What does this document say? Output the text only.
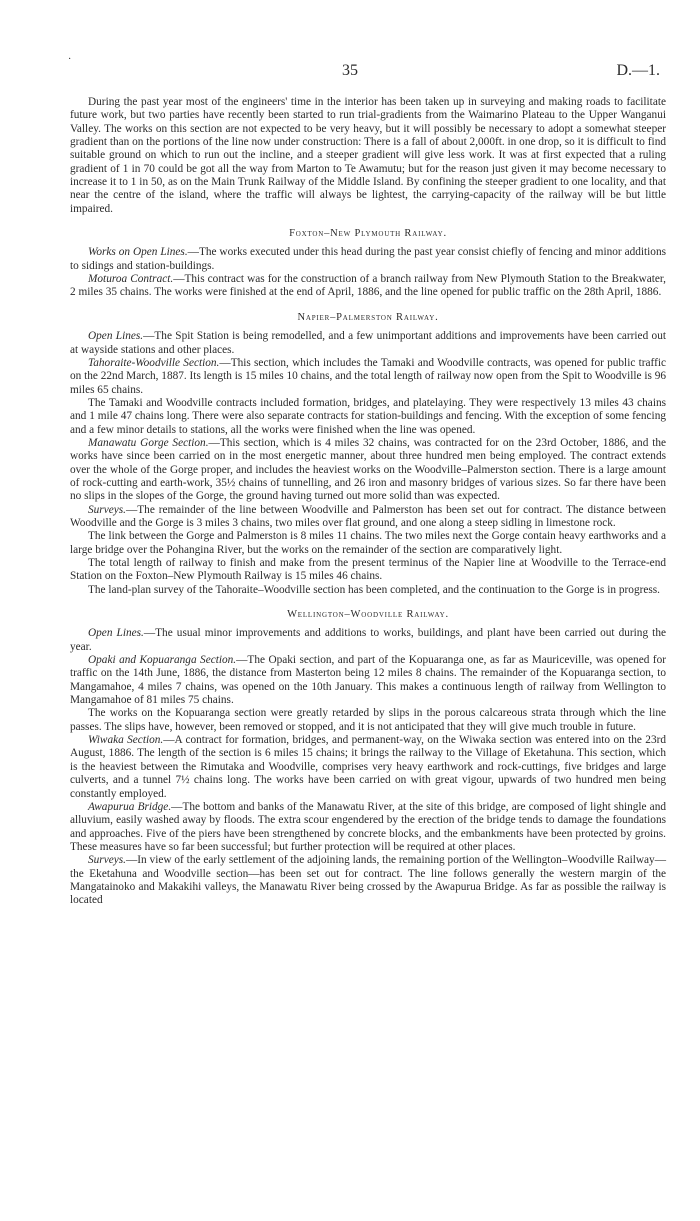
·
35	D.—1.

During the past year most of the engineers' time in the interior has been taken up in surveying and making roads to facilitate future work, but two parties have recently been started to run trial-gradients from the Waimarino Plateau to the Upper Wanganui Valley. The works on this section are not expected to be very heavy, but it will possibly be necessary to adopt a somewhat steeper gradient than on the portions of the line now under construction: There is a fall of about 2,000ft. in one drop, so it is difficult to find suitable ground on which to run out the incline, and a steeper gradient will give less work. It was at first expected that a ruling gradient of 1 in 70 could be got all the way from Marton to Te Awamutu; but for the reason just given it may become necessary to increase it to 1 in 50, as on the Main Trunk Railway of the Middle Island. By confining the steeper gradient to one locality, and that near the centre of the island, where the traffic will always be lightest, the carrying-capacity of the railway will be but little impaired.

Foxton–New Plymouth Railway.

Works on Open Lines.—The works executed under this head during the past year consist chiefly of fencing and minor additions to sidings and station-buildings.

Moturoa Contract.—This contract was for the construction of a branch railway from New Plymouth Station to the Breakwater, 2 miles 35 chains. The works were finished at the end of April, 1886, and the line opened for public traffic on the 28th April, 1886.

Napier–Palmerston Railway.

Open Lines.—The Spit Station is being remodelled, and a few unimportant additions and improvements have been carried out at wayside stations and other places.

Tahoraite-Woodville Section.—This section, which includes the Tamaki and Woodville contracts, was opened for public traffic on the 22nd March, 1887. Its length is 15 miles 10 chains, and the total length of railway now open from the Spit to Woodville is 96 miles 65 chains.

The Tamaki and Woodville contracts included formation, bridges, and platelaying. They were respectively 13 miles 43 chains and 1 mile 47 chains long. There were also separate contracts for station-buildings and fencing. With the exception of some fencing and a few minor details to stations, all the works were finished when the line was opened.

Manawatu Gorge Section.—This section, which is 4 miles 32 chains, was contracted for on the 23rd October, 1886, and the works have since been carried on in the most energetic manner, about three hundred men being employed. The contract extends over the whole of the Gorge proper, and includes the heaviest works on the Woodville–Palmerston section. There is a large amount of rock-cutting and earth-work, 35½ chains of tunnelling, and 26 iron and masonry bridges of various sizes. So far there have been no slips in the slopes of the Gorge, the ground having turned out more solid than was expected.

Surveys.—The remainder of the line between Woodville and Palmerston has been set out for contract. The distance between Woodville and the Gorge is 3 miles 3 chains, two miles over flat ground, and one along a steep sidling in limestone rock.

The link between the Gorge and Palmerston is 8 miles 11 chains. The two miles next the Gorge contain heavy earthworks and a large bridge over the Pohangina River, but the works on the remainder of the section are comparatively light.

The total length of railway to finish and make from the present terminus of the Napier line at Woodville to the Terrace-end Station on the Foxton–New Plymouth Railway is 15 miles 46 chains.

The land-plan survey of the Tahoraite–Woodville section has been completed, and the continuation to the Gorge is in progress.

Wellington–Woodville Railway.

Open Lines.—The usual minor improvements and additions to works, buildings, and plant have been carried out during the year.

Opaki and Kopuaranga Section.—The Opaki section, and part of the Kopuaranga one, as far as Mauriceville, was opened for traffic on the 14th June, 1886, the distance from Masterton being 12 miles 8 chains. The remainder of the Kopuaranga section, to Mangamahoe, 4 miles 7 chains, was opened on the 10th January. This makes a continuous length of railway from Wellington to Mangamahoe of 81 miles 75 chains.

The works on the Kopuaranga section were greatly retarded by slips in the porous calcareous strata through which the line passes. The slips have, however, been removed or stopped, and it is not anticipated that they will give much trouble in future.

Wiwaka Section.—A contract for formation, bridges, and permanent-way, on the Wiwaka section was entered into on the 23rd August, 1886. The length of the section is 6 miles 15 chains; it brings the railway to the Village of Eketahuna. This section, which is the heaviest between the Rimutaka and Woodville, comprises very heavy earthwork and rock-cuttings, five bridges and large culverts, and a tunnel 7½ chains long. The works have been carried on with great vigour, upwards of two hundred men being constantly employed.

Awapurua Bridge.—The bottom and banks of the Manawatu River, at the site of this bridge, are composed of light shingle and alluvium, easily washed away by floods. The extra scour engendered by the erection of the bridge tends to damage the foundations and approaches. Five of the piers have been strengthened by concrete blocks, and the embankments have been protected by groins. These measures have so far been successful; but further protection will be required at other places.

Surveys.—In view of the early settlement of the adjoining lands, the remaining portion of the Wellington–Woodville Railway—the Eketahuna and Woodville section—has been set out for contract. The line follows generally the western margin of the Mangatainoko and Makakihi valleys, the Manawatu River being crossed by the Awapurua Bridge. As far as possible the railway is located
